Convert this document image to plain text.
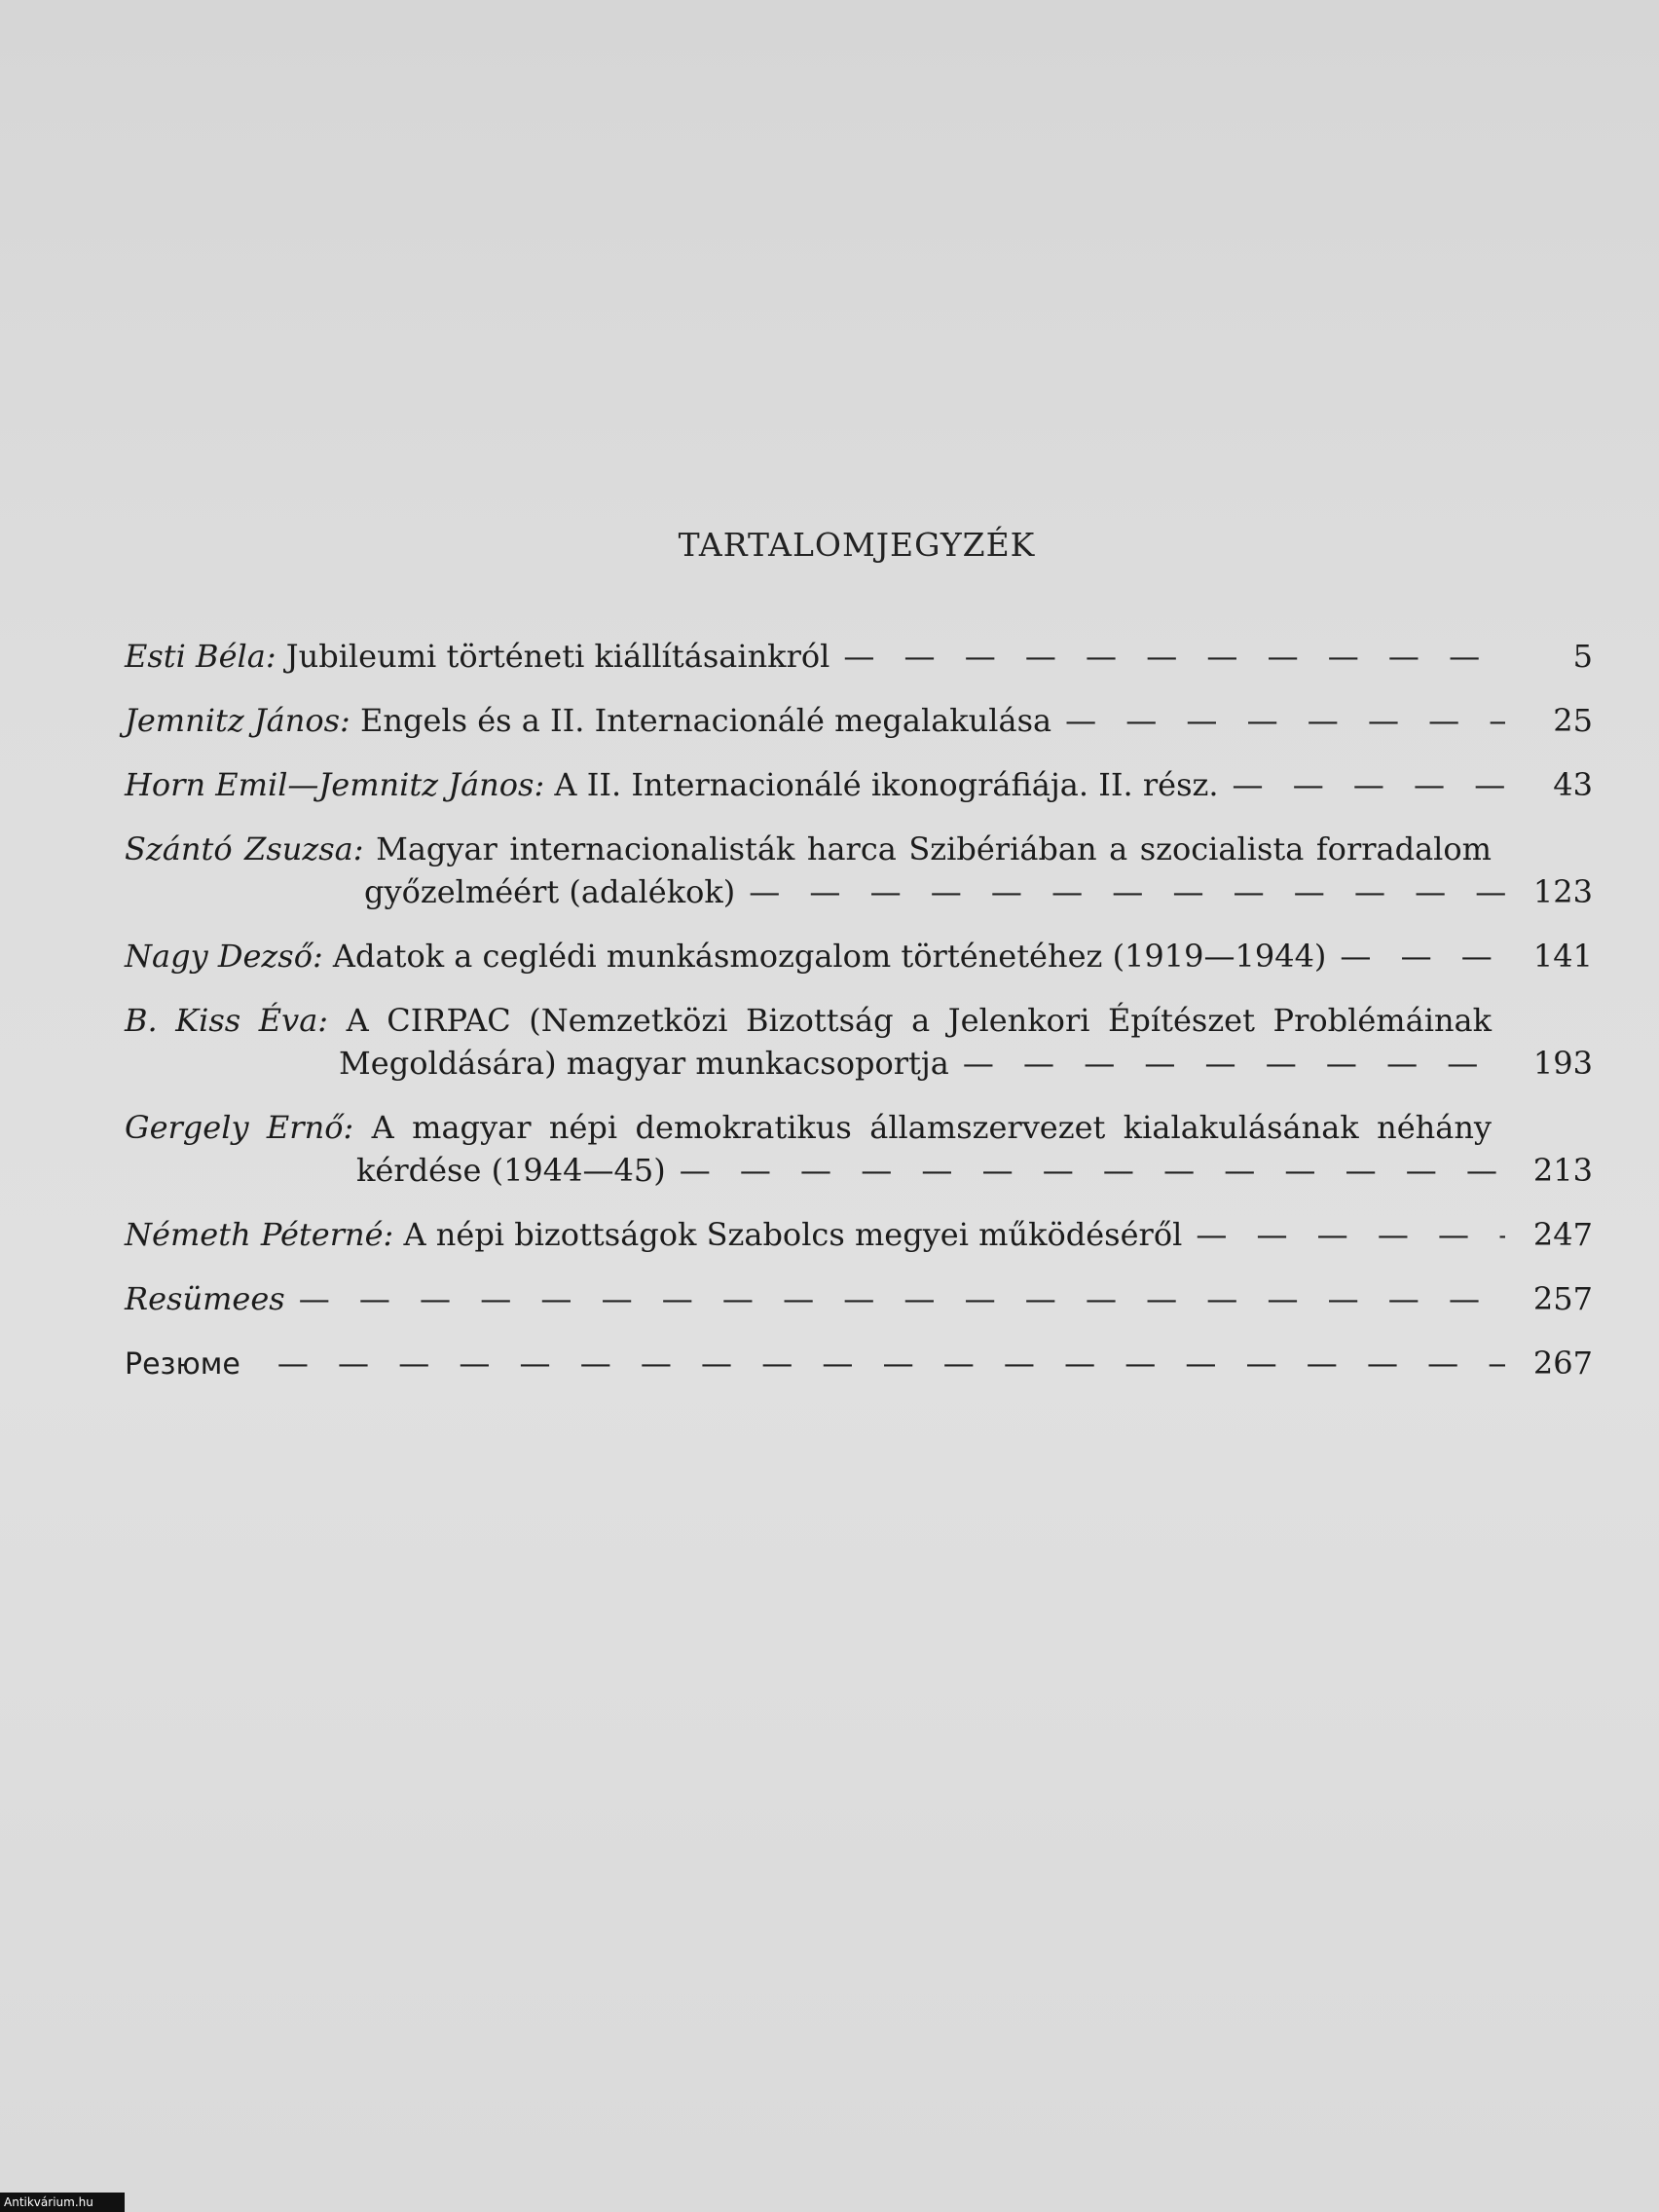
TARTALOMJEGYZÉK
Esti Béla: Jubileumi történeti kiállításainkról — — —	5
Jemnitz János: Engels és a II. Internacionálé megalakulása — — —	25
Horn Emil—Jemnitz János: A II. Internacionálé ikonográfiája. II. rész. — — —	43
Szántó Zsuzsa: Magyar internacionalisták harca Szibériában a szocialista forradalom
győzelméért (adalékok) — — —	123
Nagy Dezső: Adatok a ceglédi munkásmozgalom történetéhez (1919—1944) — — —	141
B. Kiss Éva: A CIRPAC (Nemzetközi Bizottság a Jelenkori Építészet Problémáinak
Megoldására) magyar munkacsoportja — — —	193
Gergely Ernő: A magyar népi demokratikus államszervezet kialakulásának néhány
kérdése (1944—45) — — —	213
Németh Péterné: A népi bizottságok Szabolcs megyei működéséről — — —	247
Resümees — — —	257
Резюме — — —	267
Antikvárium.hu
